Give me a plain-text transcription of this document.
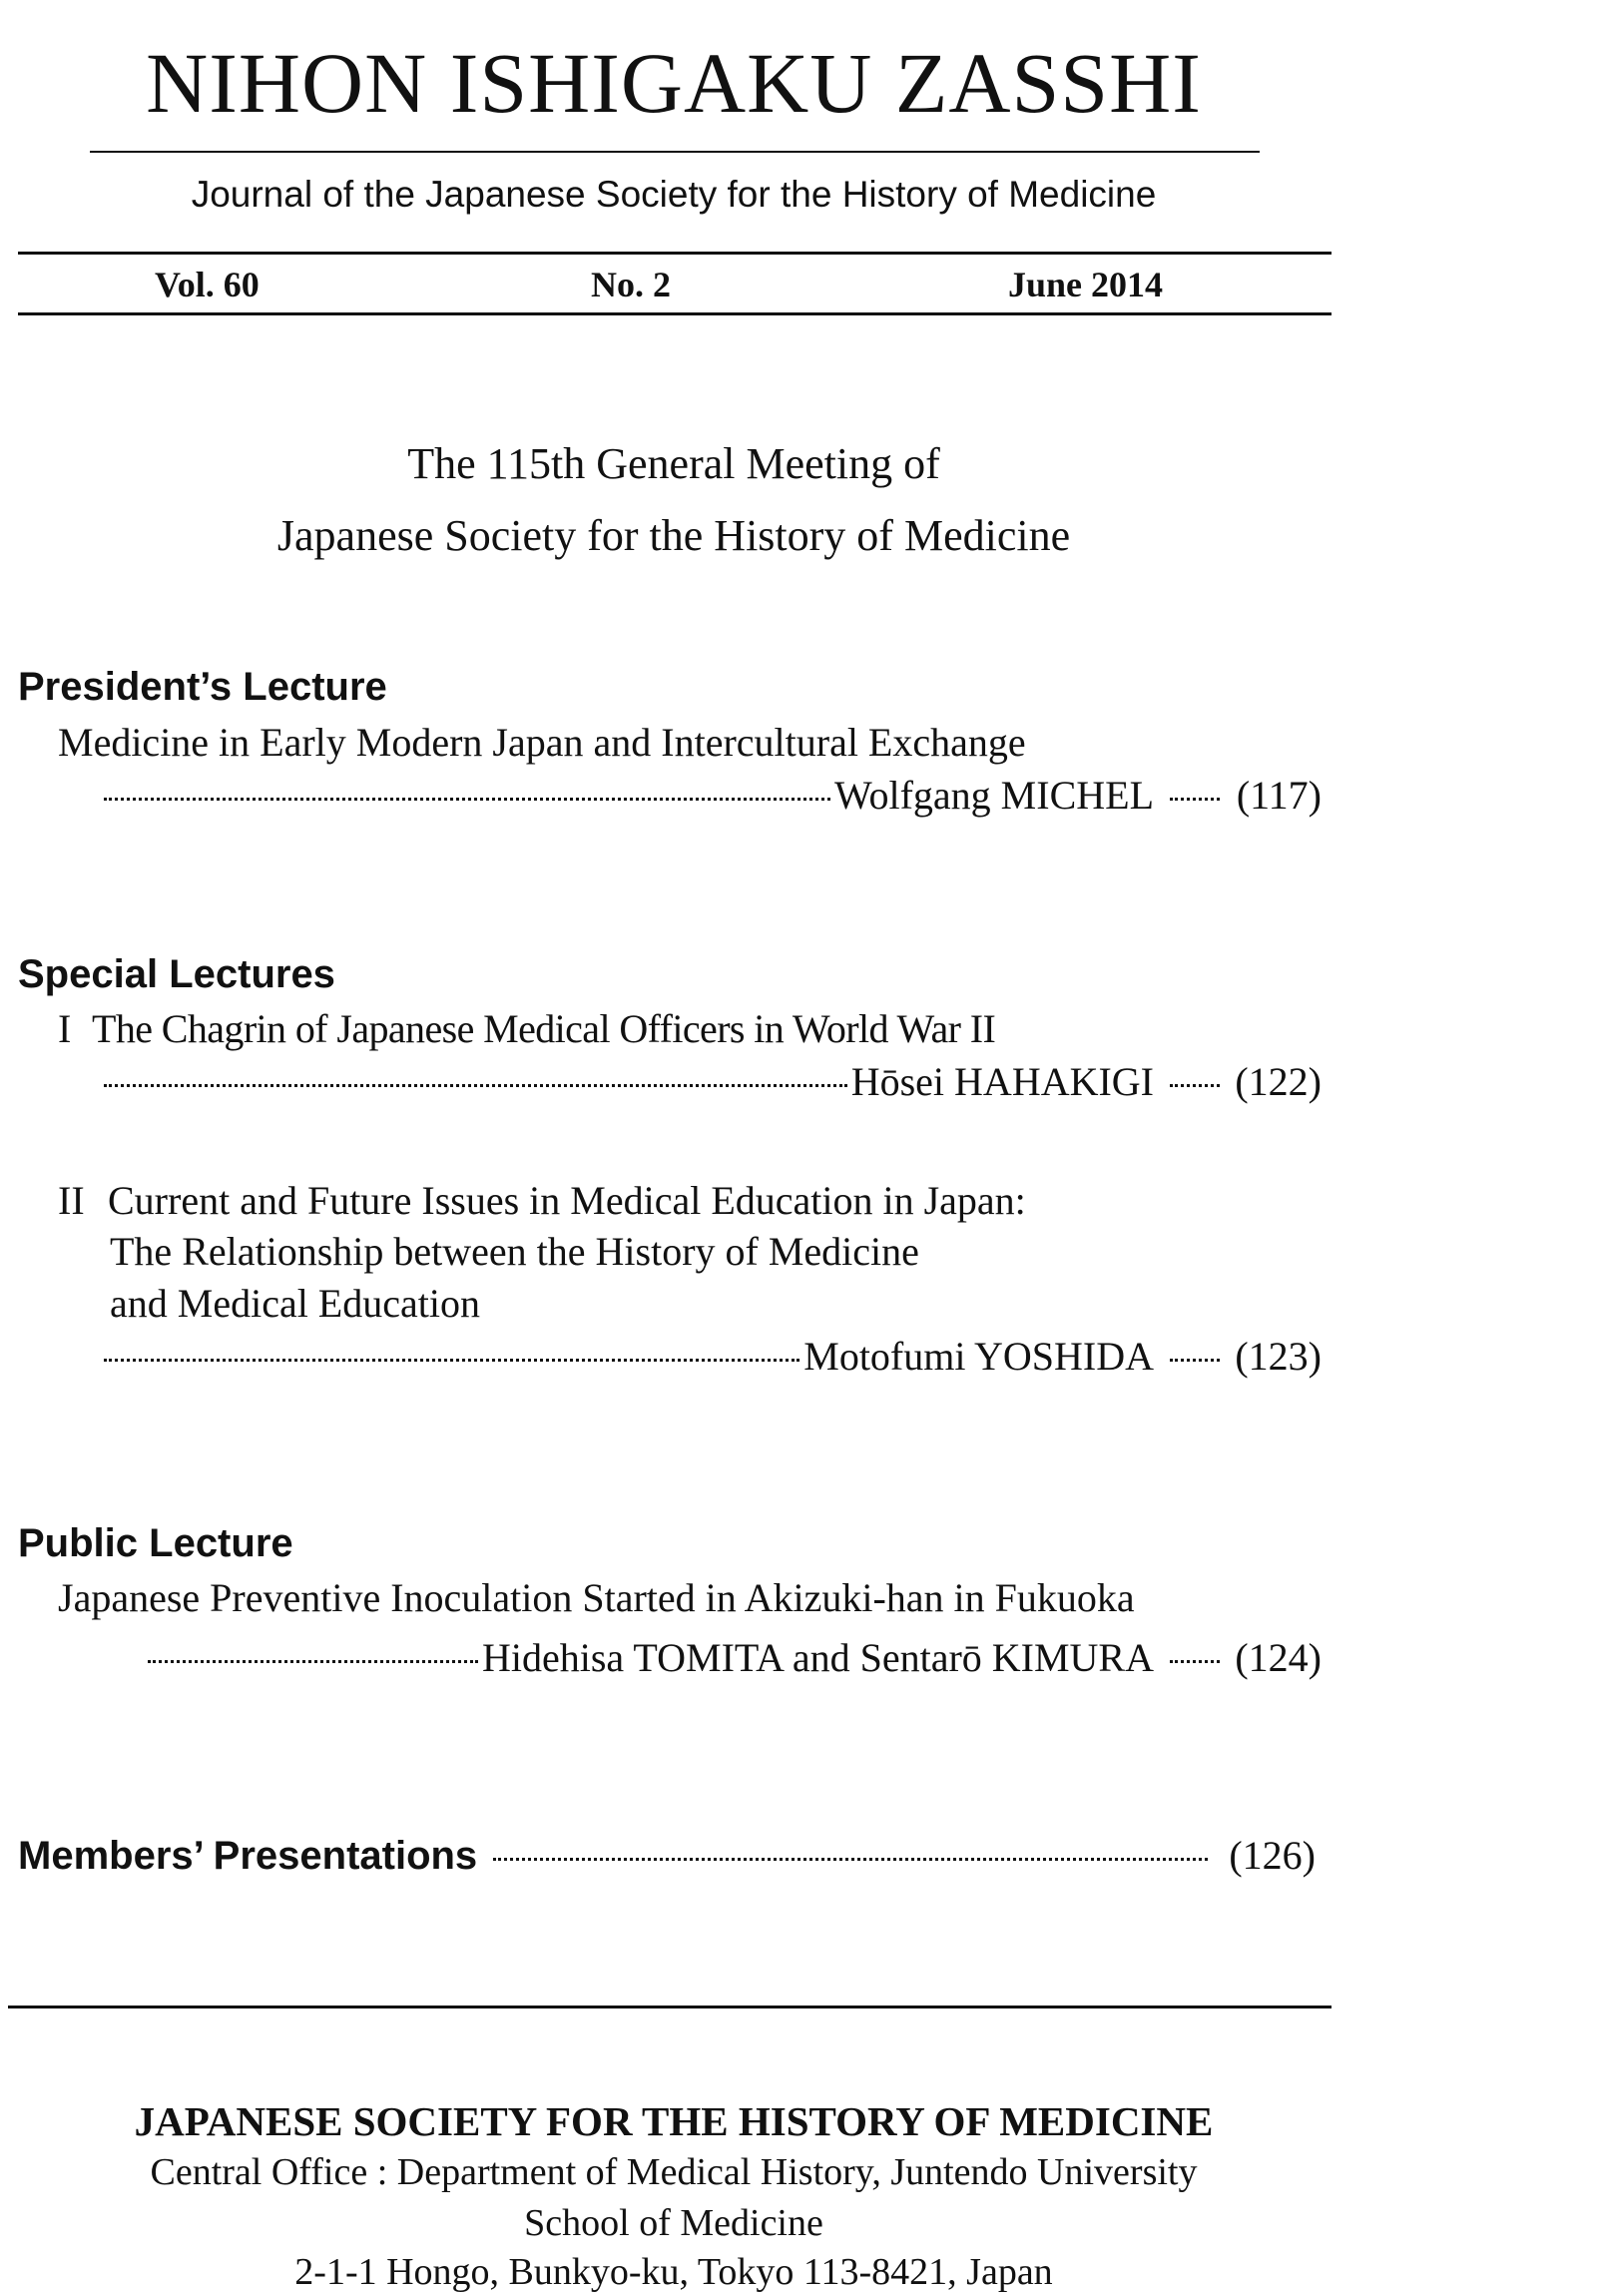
NIHON ISHIGAKU ZASSHI
Journal of the Japanese Society for the History of Medicine
Vol. 60	No. 2	June 2014
The 115th General Meeting of
Japanese Society for the History of Medicine
President’s Lecture
Medicine in Early Modern Japan and Intercultural Exchange
Wolfgang MICHEL (117)
Special Lectures
I The Chagrin of Japanese Medical Officers in World War II
Hōsei HAHAKIGI (122)
II Current and Future Issues in Medical Education in Japan:
The Relationship between the History of Medicine
and Medical Education
Motofumi YOSHIDA (123)
Public Lecture
Japanese Preventive Inoculation Started in Akizuki-han in Fukuoka
Hidehisa TOMITA and Sentarō KIMURA (124)
Members’ Presentations	(126)
JAPANESE SOCIETY FOR THE HISTORY OF MEDICINE
Central Office : Department of Medical History, Juntendo University
School of Medicine
2-1-1 Hongo, Bunkyo-ku, Tokyo 113-8421, Japan
